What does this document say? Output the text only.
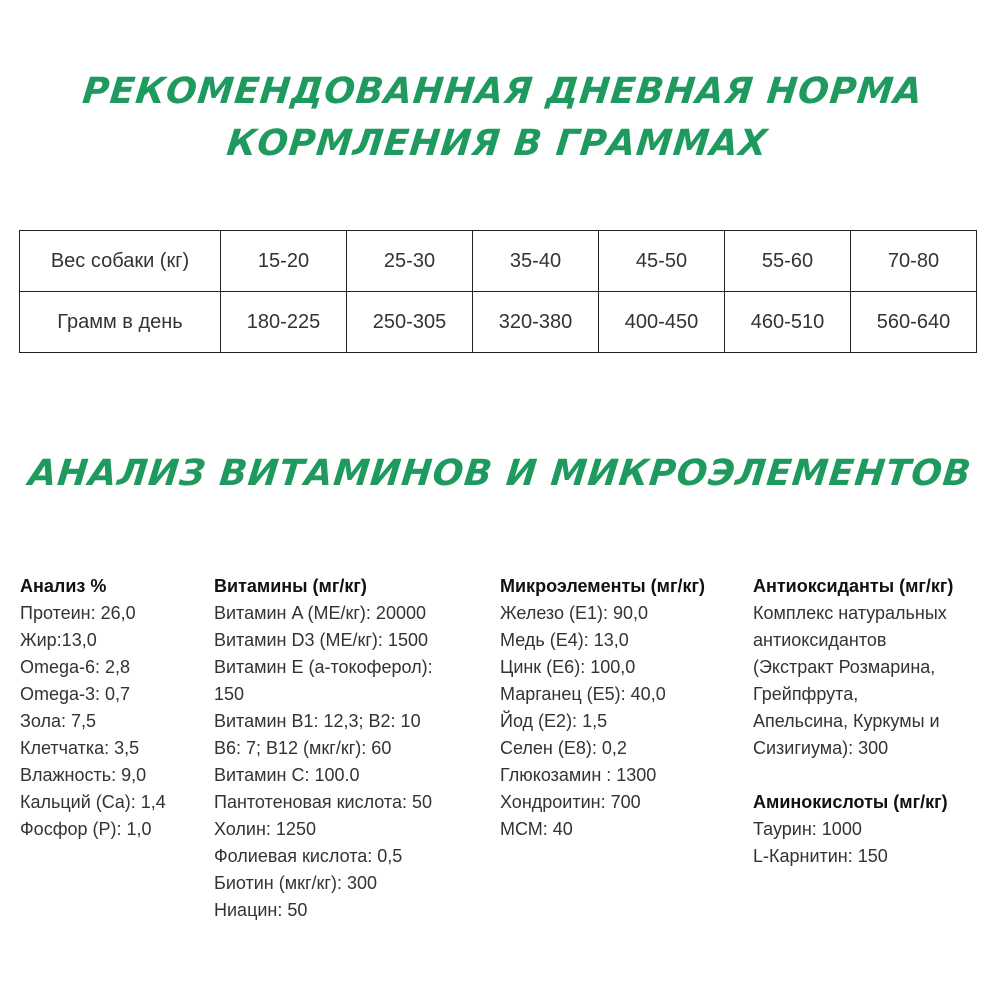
РЕКОМЕНДОВАННАЯ ДНЕВНАЯ НОРМА
КОРМЛЕНИЯ В ГРАММАХ
Вес собаки (кг)	15-20	25-30	35-40	45-50	55-60	70-80
Грамм в день	180-225	250-305	320-380	400-450	460-510	560-640
АНАЛИЗ ВИТАМИНОВ И МИКРОЭЛЕМЕНТОВ
Анализ %
Протеин: 26,0
Жир:13,0
Omega-6: 2,8
Omega-3: 0,7
Зола: 7,5
Клетчатка: 3,5
Влажность: 9,0
Кальций (Ca): 1,4
Фосфор (P): 1,0
Витамины (мг/кг)
Витамин A (МЕ/кг): 20000
Витамин D3 (МЕ/кг): 1500
Витамин E (a-токоферол):
150
Витамин B1: 12,3; B2: 10
B6: 7; B12 (мкг/кг): 60
Витамин С: 100.0
Пантотеновая кислота: 50
Холин: 1250
Фолиевая кислота: 0,5
Биотин (мкг/кг): 300
Ниацин: 50
Микроэлементы (мг/кг)
Железо (E1): 90,0
Медь (E4): 13,0
Цинк (E6): 100,0
Марганец (E5): 40,0
Йод (E2): 1,5
Селен (E8): 0,2
Глюкозамин : 1300
Хондроитин: 700
МСМ: 40
Антиоксиданты (мг/кг)
Комплекс натуральных
антиоксидантов
(Экстракт Розмарина,
Грейпфрута,
Апельсина, Куркумы и
Сизигиума): 300
Аминокислоты (мг/кг)
Таурин: 1000
L-Карнитин: 150
